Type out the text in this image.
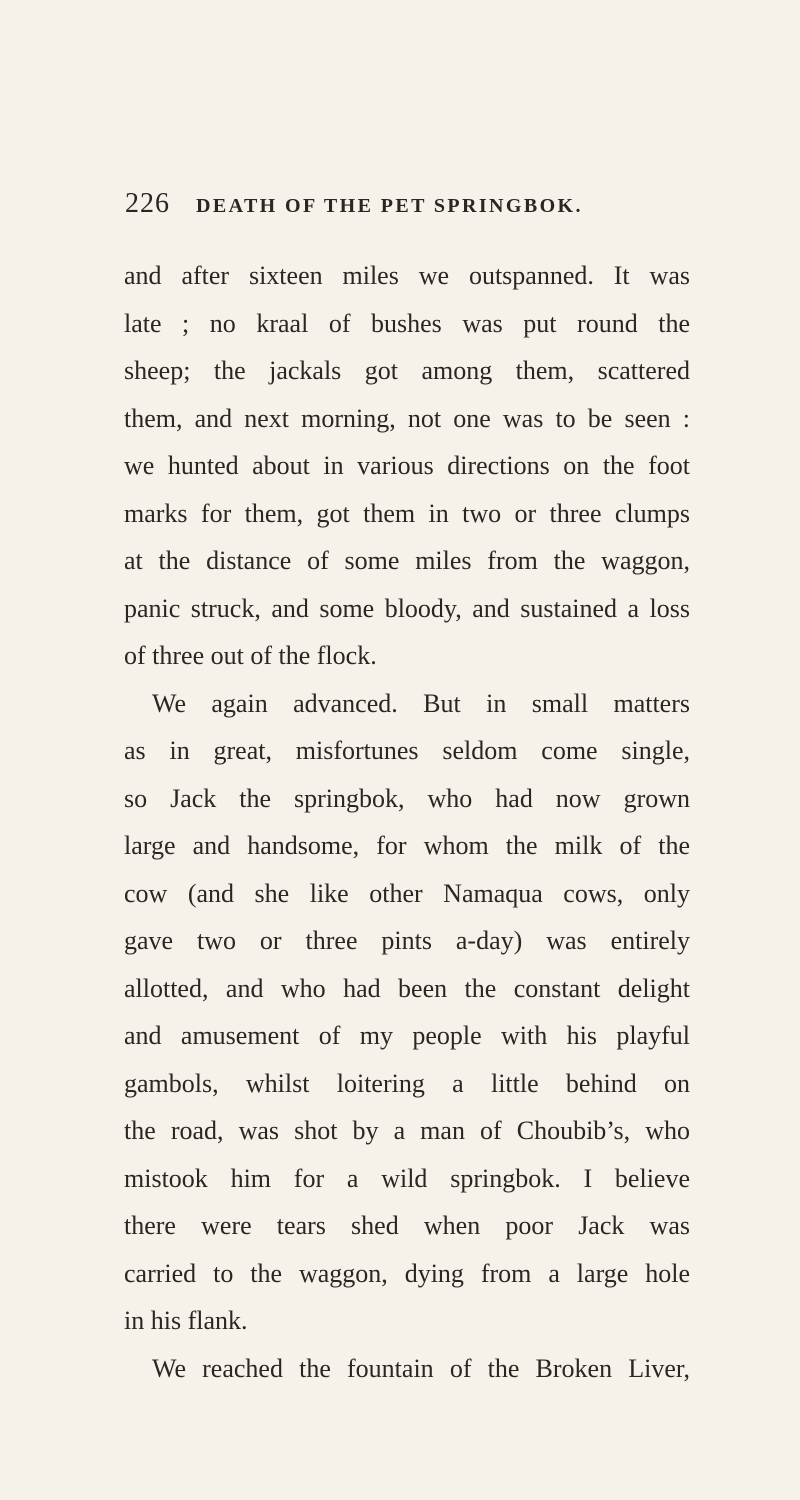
226 DEATH OF THE PET SPRINGBOK.
and after sixteen miles we outspanned. It was
late ; no kraal of bushes was put round the
sheep; the jackals got among them, scattered
them, and next morning, not one was to be seen :
we hunted about in various directions on the foot
marks for them, got them in two or three clumps
at the distance of some miles from the waggon,
panic struck, and some bloody, and sustained a loss
of three out of the flock.
We again advanced. But in small matters
as in great, misfortunes seldom come single,
so Jack the springbok, who had now grown
large and handsome, for whom the milk of the
cow (and she like other Namaqua cows, only
gave two or three pints a-day) was entirely
allotted, and who had been the constant delight
and amusement of my people with his playful
gambols, whilst loitering a little behind on
the road, was shot by a man of Choubib’s, who
mistook him for a wild springbok. I believe
there were tears shed when poor Jack was
carried to the waggon, dying from a large hole
in his flank.
We reached the fountain of the Broken Liver,
